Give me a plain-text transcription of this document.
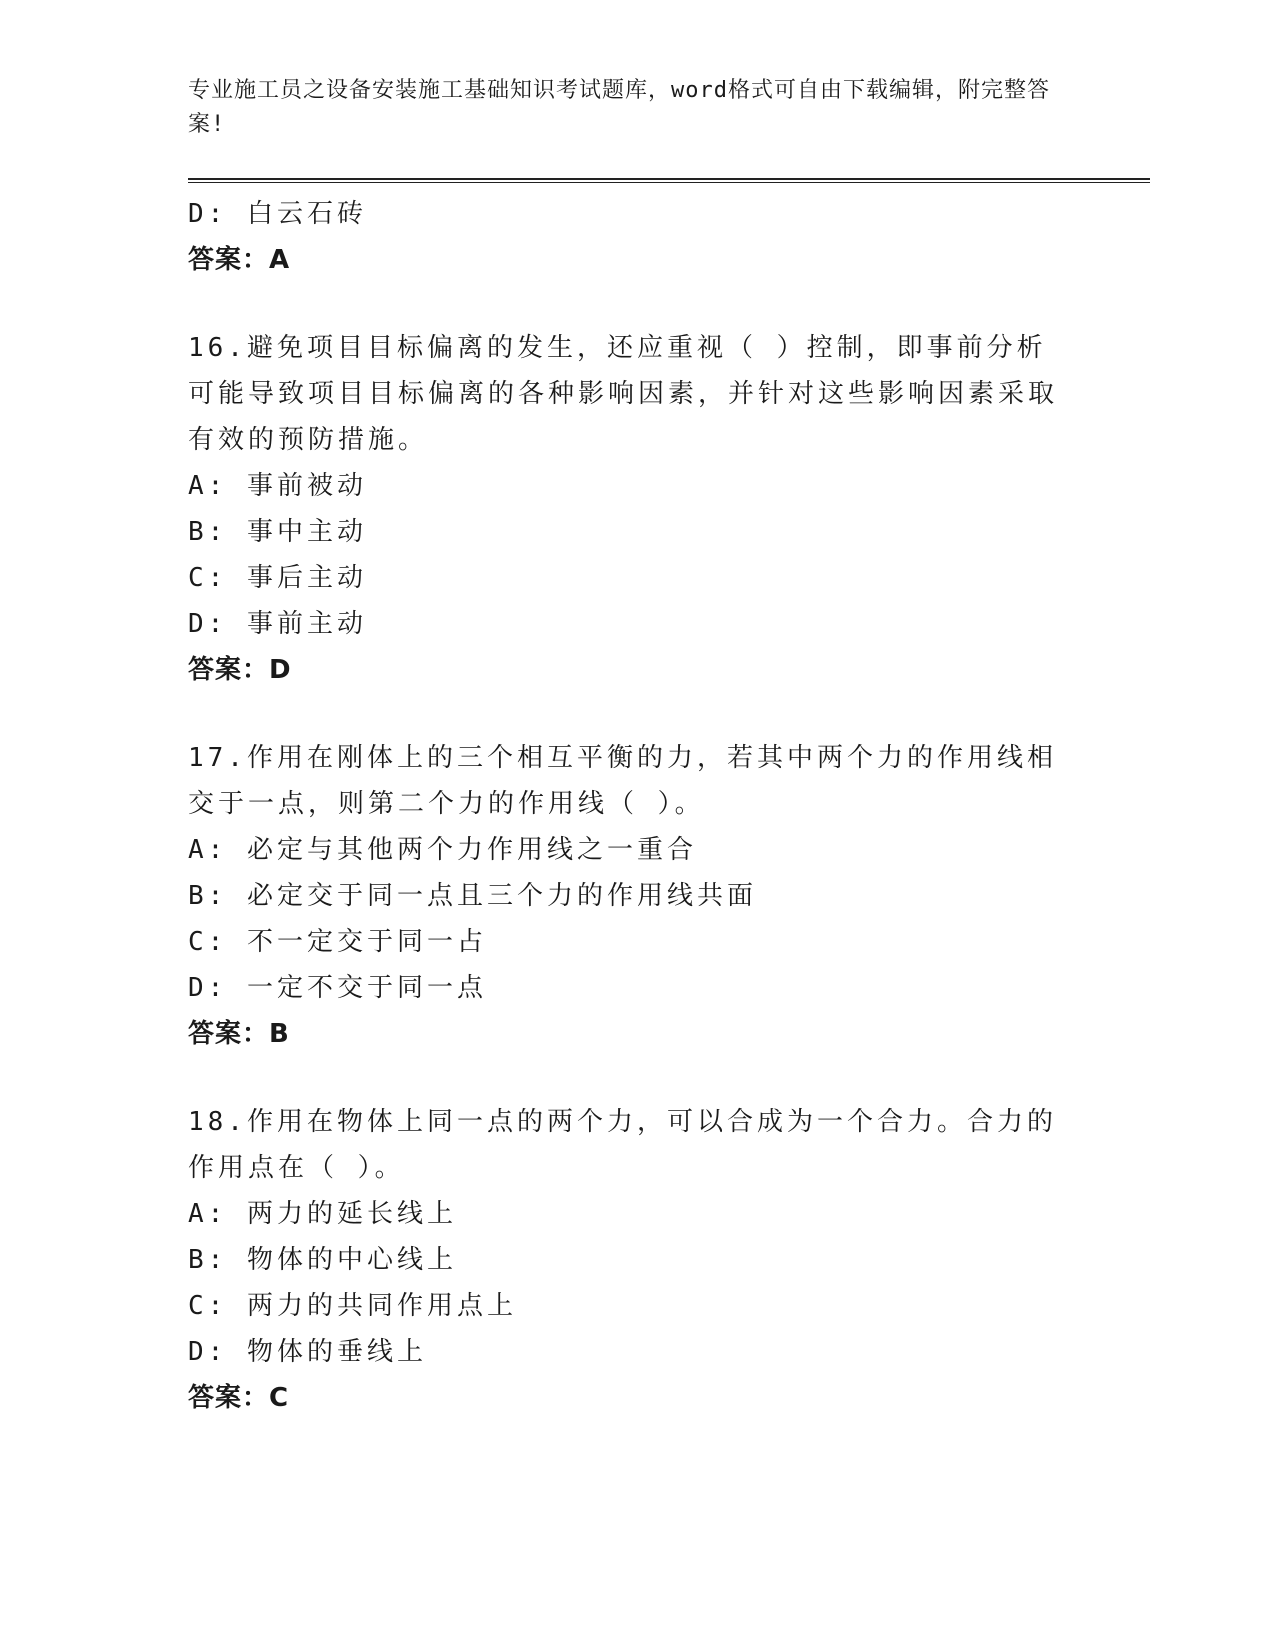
专业施工员之设备安装施工基础知识考试题库，word格式可自由下载编辑，附完整答案!
D: 白云石砖
答案：A
16.避免项目目标偏离的发生，还应重视（ ）控制，即事前分析可能导致项目目标偏离的各种影响因素，并针对这些影响因素采取有效的预防措施。
A: 事前被动
B: 事中主动
C: 事后主动
D: 事前主动
答案：D
17.作用在刚体上的三个相互平衡的力，若其中两个力的作用线相交于一点，则第二个力的作用线（ ）。
A: 必定与其他两个力作用线之一重合
B: 必定交于同一点且三个力的作用线共面
C: 不一定交于同一占
D: 一定不交于同一点
答案：B
18.作用在物体上同一点的两个力，可以合成为一个合力。合力的作用点在（ ）。
A: 两力的延长线上
B: 物体的中心线上
C: 两力的共同作用点上
D: 物体的垂线上
答案：C
